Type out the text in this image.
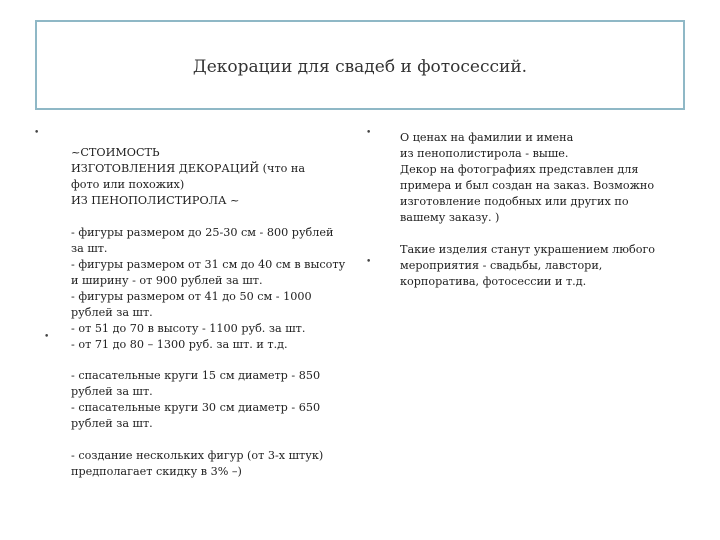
Декорации для свадеб и фотосессий.
•
•
•
•

~СТОИМОСТЬ
ИЗГОТОВЛЕНИЯ ДЕКОРАЦИЙ (что на
фото или похожих)
ИЗ ПЕНОПОЛИСТИРОЛА ~

- фигуры размером до 25-30 см - 800 рублей
за шт.
- фигуры размером от 31 см до 40 см в высоту
и ширину - от 900 рублей за шт.
- фигуры размером от 41 до 50 см - 1000
рублей за шт.
- от 51 до 70 в высоту - 1100 руб. за шт.
- от 71 до 80 – 1300 руб. за шт. и т.д.

- спасательные круги 15 см диаметр - 850
рублей за шт.
- спасательные круги 30 см диаметр - 650
рублей за шт.

- создание нескольких фигур (от 3-х штук)
предполагает скидку в 3% –)

О ценах на фамилии и имена
из пенополистирола - выше.
Декор на фотографиях представлен для
примера и был создан на заказ. Возможно
изготовление подобных или других по
вашему заказу. )

Такие изделия станут украшением любого
мероприятия - свадьбы, лавстори,
корпоратива, фотосессии и т.д.
